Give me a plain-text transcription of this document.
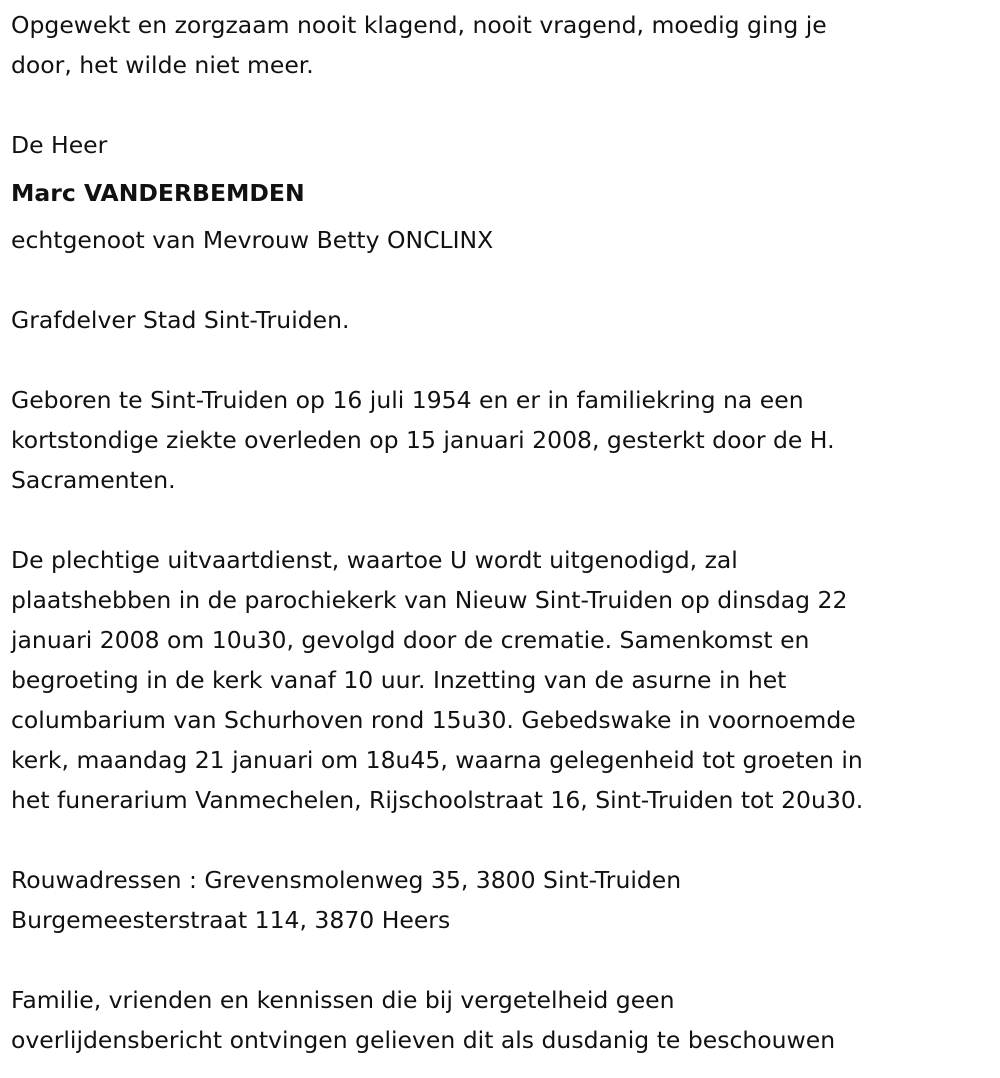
Opgewekt en zorgzaam nooit klagend, nooit vragend, moedig ging je
door, het wilde niet meer.
De Heer
Marc VANDERBEMDEN
echtgenoot van Mevrouw Betty ONCLINX
Grafdelver Stad Sint-Truiden.
Geboren te Sint-Truiden op 16 juli 1954 en er in familiekring na een
kortstondige ziekte overleden op 15 januari 2008, gesterkt door de H.
Sacramenten.
De plechtige uitvaartdienst, waartoe U wordt uitgenodigd, zal
plaatshebben in de parochiekerk van Nieuw Sint-Truiden op dinsdag 22
januari 2008 om 10u30, gevolgd door de crematie. Samenkomst en
begroeting in de kerk vanaf 10 uur. Inzetting van de asurne in het
columbarium van Schurhoven rond 15u30. Gebedswake in voornoemde
kerk, maandag 21 januari om 18u45, waarna gelegenheid tot groeten in
het funerarium Vanmechelen, Rijschoolstraat 16, Sint-Truiden tot 20u30.
Rouwadressen : Grevensmolenweg 35, 3800 Sint-Truiden
Burgemeesterstraat 114, 3870 Heers
Familie, vrienden en kennissen die bij vergetelheid geen
overlijdensbericht ontvingen gelieven dit als dusdanig te beschouwen
